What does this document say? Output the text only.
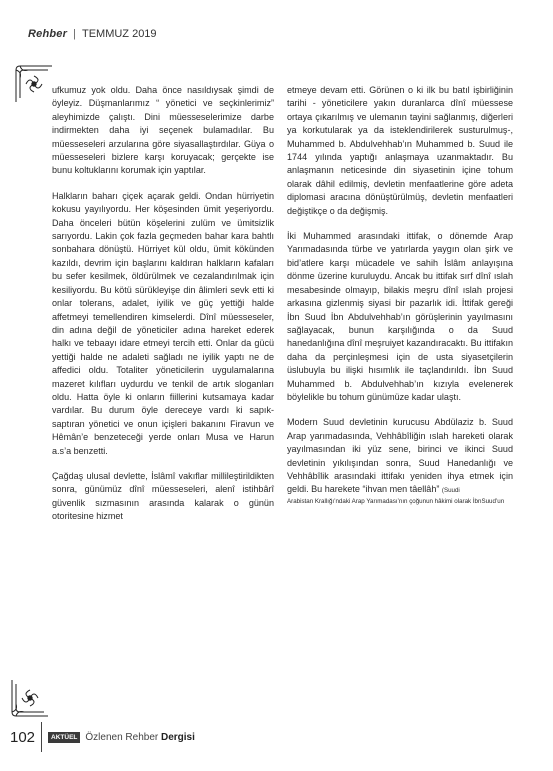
Rehber | TEMMUZ 2019

ufkumuz yok oldu. Daha önce nasıldıysak şimdi de öyleyiz. Düşmanlarımız “ yönetici ve seçkinlerimiz” aleyhimizde çalıştı. Dini müesseselerimize darbe indirmekten daha iyi seçenek bulamadılar. Bu müesseseleri arzularına göre siyasallaştırdılar. Güya o müesseseleri bizlere karşı koruyacak; gerçekte ise bunu koltuklarını korumak için yaptılar.

Halkların baharı çiçek açarak geldi. Ondan hürriyetin kokusu yayılıyordu. Her köşesinden ümit yeşeriyordu. Daha önceleri bütün köşelerini zulüm ve ümitsizlik sarıyordu. Lakin çok fazla geçmeden bahar kara bahtlı sonbahara dönüştü. Hürriyet kül oldu, ümit kökünden kazıldı, devrim için başlarını kaldıran halkların kafaları bu sefer kesilmek, öldürülmek ve cezalandırılmak için kesiliyordu. Bu kötü sürükleyişe din âlimleri sevk etti ki onlar tolerans, adalet, iyilik ve güç yettiği halde affetmeyi temellendiren kimselerdi. Dînî müesseseler, din adına değil de yöneticiler adına hareket ederek halkı ve tebaayı idare etmeyi tercih etti. Onlar da gücü yettiği halde ne adaleti sağladı ne iyilik yaptı ne de affedici oldu. Totaliter yöneticilerin uygulamalarına mazeret kılıfları uydurdu ve tenkil de artık sloganları oldu. Hatta öyle ki onların fiillerini kutsamaya kadar vardılar. Bu durum öyle dereceye vardı ki sapık-saptıran yönetici ve onun içişleri bakanını Firavun ve Hêmân’e benzeteceği yerde onları Musa ve Harun a.s’a benzetti.

Çağdaş ulusal devlette, İslâmî vakıflar millileştirildikten sonra, günümüz dînî müesseseleri, alenî istihbârî güvenlik sızmasının arasında kalarak o günün otoritesine hizmet

etmeye devam etti. Görünen o ki ilk bu batıl işbirliğinin tarihi - yöneticilere yakın duranlarca dînî müessese ortaya çıkarılmış ve ulemanın tayini sağlanmış, diğerleri ya korkutularak ya da isteklendirilerek susturulmuş-, Muhammed b. Abdulvehhab’ın Muhammed b. Suud ile 1744 yılında yaptığı anlaşmaya uzanmaktadır. Bu anlaşmanın neticesinde din siyasetinin içine tohum olarak dâhil edilmiş, devletin menfaatlerine göre adeta diplomasi aracına dönüştürülmüş, devletin menfaatleri değiştikçe o da değişmiş.

İki Muhammed arasındaki ittifak, o dönemde Arap Yarımadasında türbe ve yatırlarda yaygın olan şirk ve bid’atlere karşı mücadele ve sahih İslâm anlayışına dönme üzerine kuruluydu. Ancak bu ittifak sırf dînî ıslah mesabesinde olmayıp, bilakis meşru dînî ıslah projesi arkasına gizlenmiş siyasi bir pazarlık idi. İttifak gereği İbn Suud İbn Abdulvehhab’ın görüşlerinin yayılmasını sağlayacak, bunun karşılığında o da Suud hanedanlığına dînî meşruiyet kazandıracaktı. Bu ittifakın daha da perçinleşmesi için de usta siyasetçilerin üslubuyla bu ilişki hısımlık ile taçlandırıldı. İbn Suud Muhammed b. Abdulvehhab’ın kızıyla evelenerek böylelikle bu tohum günümüze kadar ulaştı.

Modern Suud devletinin kurucusu Abdülaziz b. Suud Arap yarımadasında, Vehhâbîliğin ıslah hareketi olarak yayılmasından iki yüz sene, birinci ve ikinci Suud devletinin yıkılışından sonra, Suud Hanedanlığı ve Vehhâbîlik arasındaki ittifakı yeniden ihya etmek için geldi. Bu harekete “ihvan men tâellâh” (Suudi

Arabistan Krallığı’ndaki Arap Yarımadası’nın çoğunun hâkimi olarak İbnSuud’un
102	AKTÜEL Özlenen Rehber Dergisi
